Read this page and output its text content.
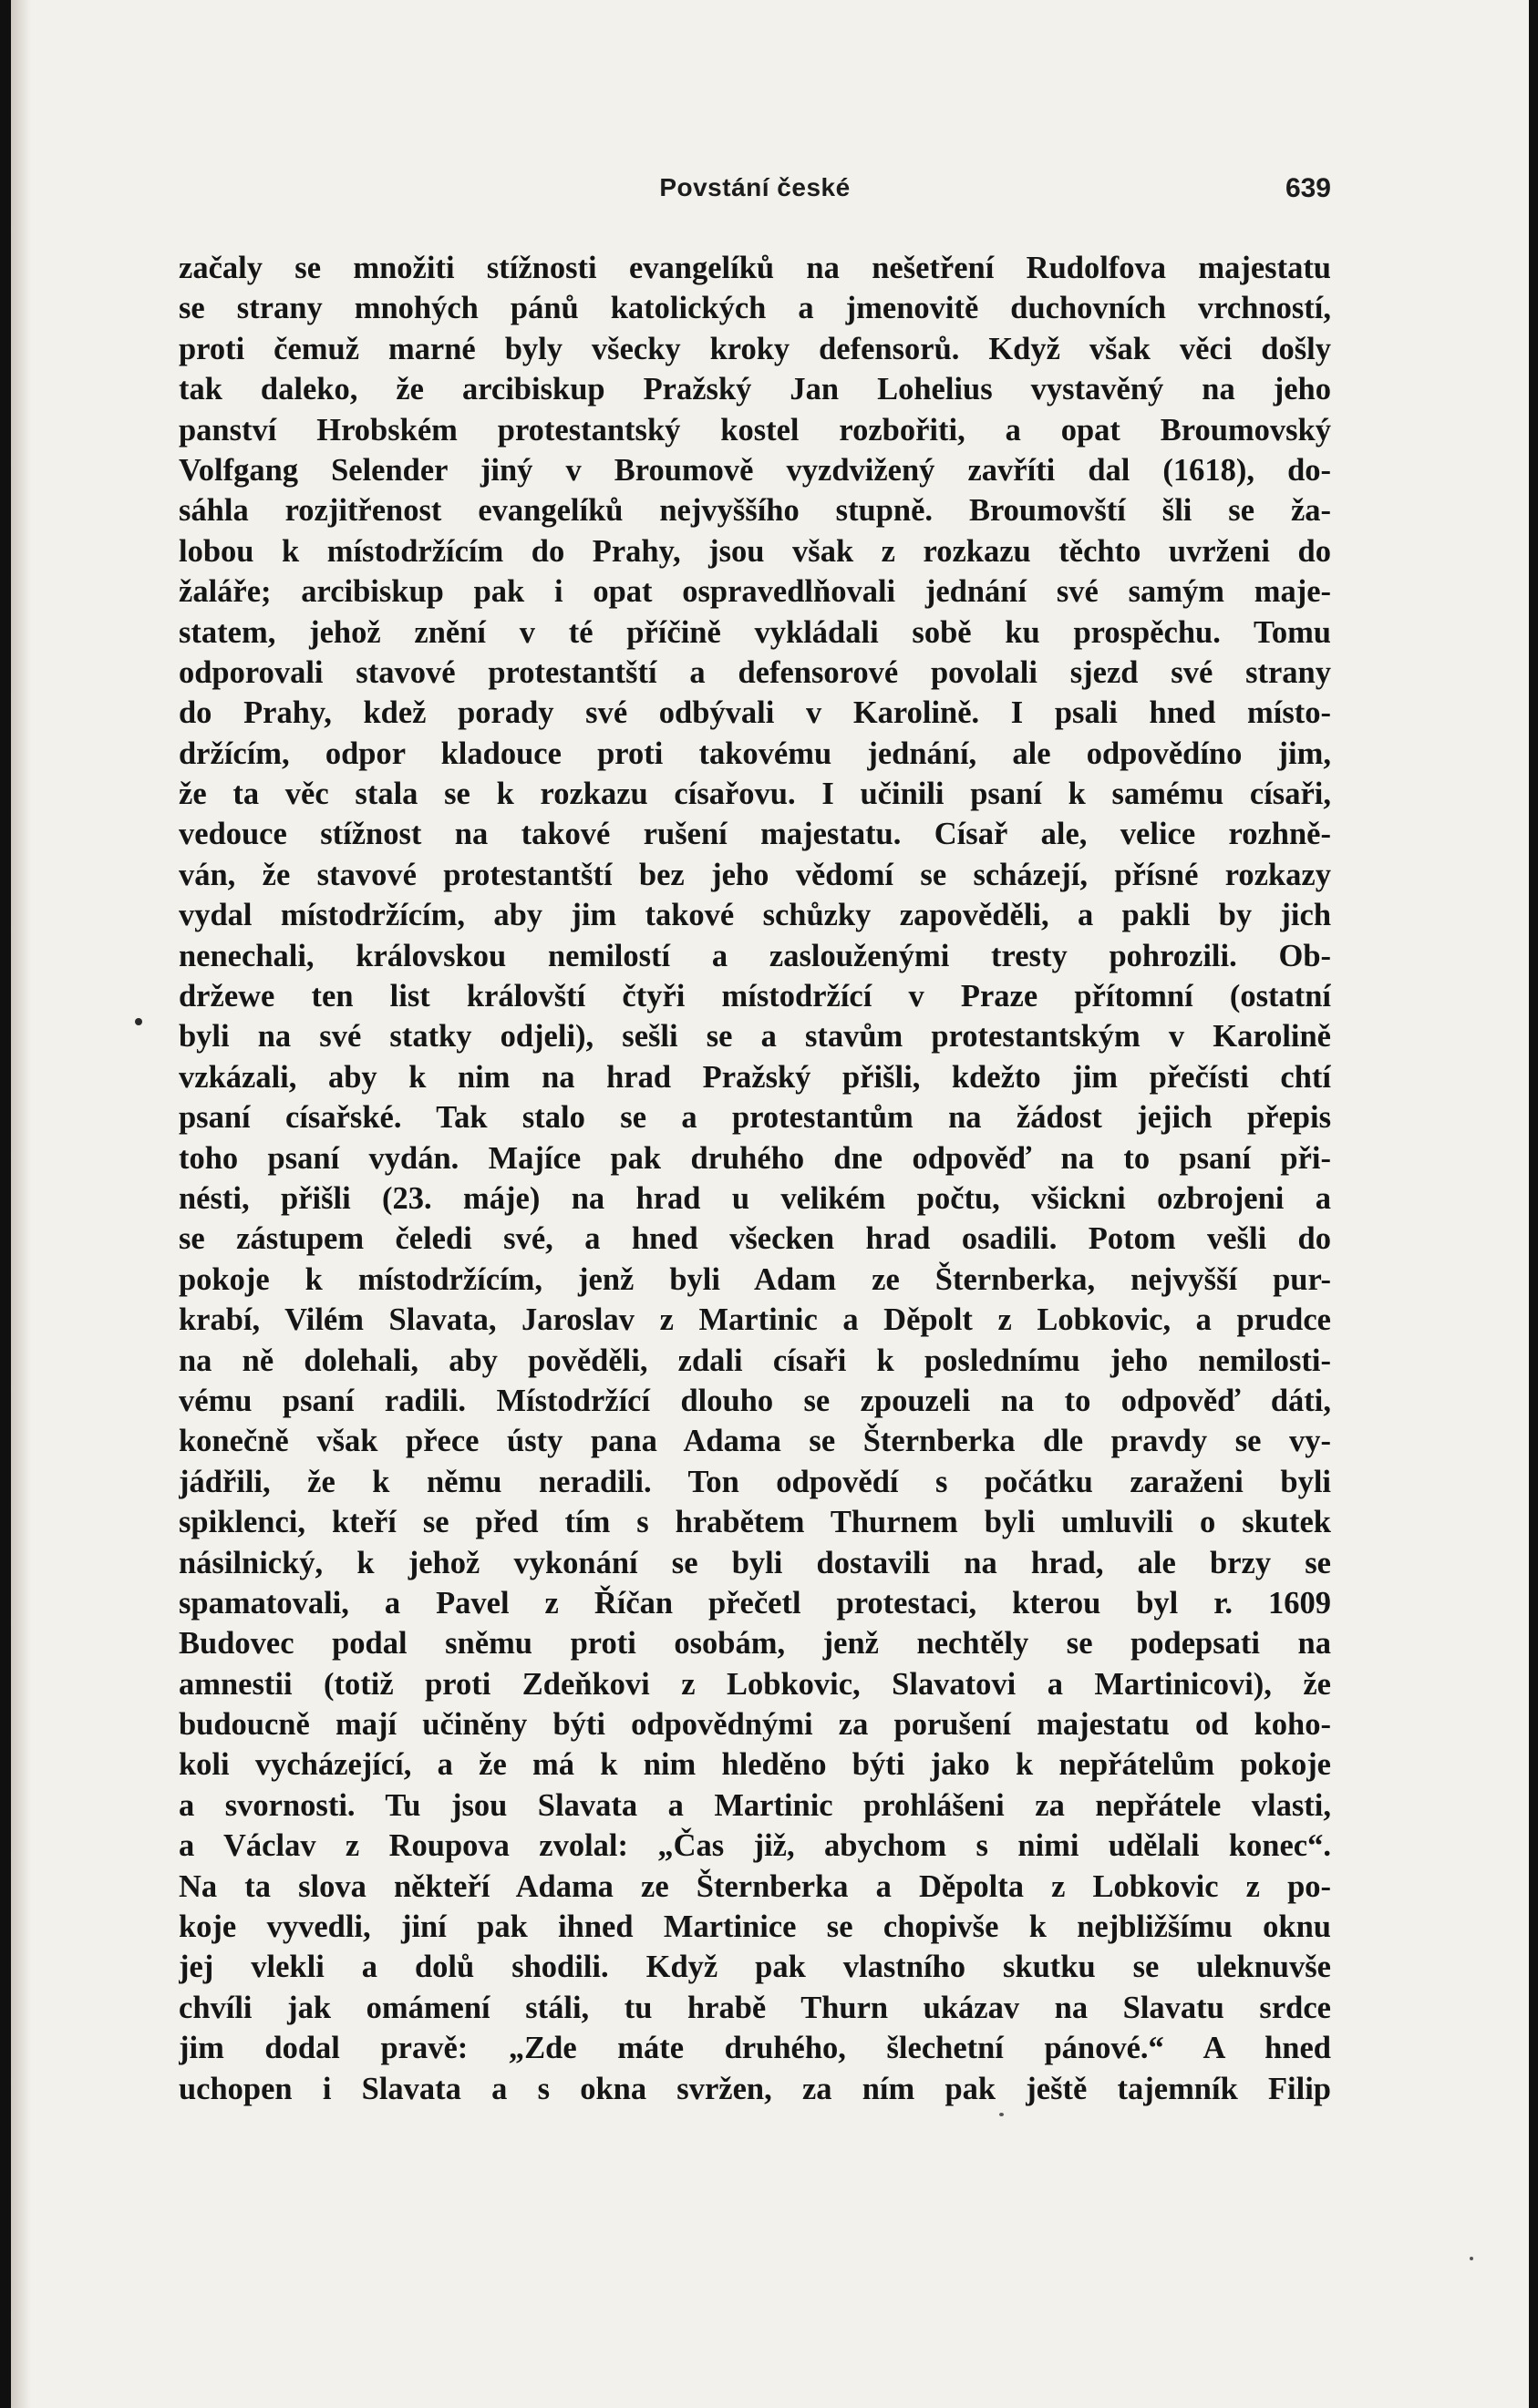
Povstání české	639
začaly se množiti stížnosti evangelíků na nešetření Rudolfova majestatu
se strany mnohých pánů katolických a jmenovitě duchovních vrchností,
proti čemuž marné byly všecky kroky defensorů. Když však věci došly
tak daleko, že arcibiskup Pražský Jan Lohelius vystavěný na jeho
panství Hrobském protestantský kostel rozbořiti, a opat Broumovský
Volfgang Selender jiný v Broumově vyzdvižený zavříti dal (1618), do-
sáhla rozjitřenost evangelíků nejvyššího stupně. Broumovští šli se ža-
lobou k místodržícím do Prahy, jsou však z rozkazu těchto uvrženi do
žaláře; arcibiskup pak i opat ospravedlňovali jednání své samým maje-
statem, jehož znění v té příčině vykládali sobě ku prospěchu. Tomu
odporovali stavové protestantští a defensorové povolali sjezd své strany
do Prahy, kdež porady své odbývali v Karolině. I psali hned místo-
držícím, odpor kladouce proti takovému jednání, ale odpovědíno jim,
že ta věc stala se k rozkazu císařovu. I učinili psaní k samému císaři,
vedouce stížnost na takové rušení majestatu. Císař ale, velice rozhně-
ván, že stavové protestantští bez jeho vědomí se scházejí, přísné rozkazy
vydal místodržícím, aby jim takové schůzky zapověděli, a pakli by jich
nenechali, královskou nemilostí a zaslouženými tresty pohrozili. Ob-
držewe ten list královští čtyři místodržící v Praze přítomní (ostatní
byli na své statky odjeli), sešli se a stavům protestantským v Karolině
vzkázali, aby k nim na hrad Pražský přišli, kdežto jim přečísti chtí
psaní císařské. Tak stalo se a protestantům na žádost jejich přepis
toho psaní vydán. Majíce pak druhého dne odpověď na to psaní při-
nésti, přišli (23. máje) na hrad u velikém počtu, všickni ozbrojeni a
se zástupem čeledi své, a hned všecken hrad osadili. Potom vešli do
pokoje k místodržícím, jenž byli Adam ze Šternberka, nejvyšší pur-
krabí, Vilém Slavata, Jaroslav z Martinic a Děpolt z Lobkovic, a prudce
na ně dolehali, aby pověděli, zdali císaři k poslednímu jeho nemilosti-
vému psaní radili. Místodržící dlouho se zpouzeli na to odpověď dáti,
konečně však přece ústy pana Adama se Šternberka dle pravdy se vy-
jádřili, že k němu neradili. Ton odpovědí s počátku zaraženi byli
spiklenci, kteří se před tím s hrabětem Thurnem byli umluvili o skutek
násilnický, k jehož vykonání se byli dostavili na hrad, ale brzy se
spamatovali, a Pavel z Říčan přečetl protestaci, kterou byl r. 1609
Budovec podal sněmu proti osobám, jenž nechtěly se podepsati na
amnestii (totiž proti Zdeňkovi z Lobkovic, Slavatovi a Martinicovi), že
budoucně mají učiněny býti odpovědnými za porušení majestatu od koho-
koli vycházející, a že má k nim hleděno býti jako k nepřátelům pokoje
a svornosti. Tu jsou Slavata a Martinic prohlášeni za nepřátele vlasti,
a Václav z Roupova zvolal: „Čas již, abychom s nimi udělali konec“.
Na ta slova někteří Adama ze Šternberka a Děpolta z Lobkovic z po-
koje vyvedli, jiní pak ihned Martinice se chopivše k nejbližšímu oknu
jej vlekli a dolů shodili. Když pak vlastního skutku se uleknuvše
chvíli jak omámení stáli, tu hrabě Thurn ukázav na Slavatu srdce
jim dodal pravě: „Zde máte druhého, šlechetní pánové.“ A hned
uchopen i Slavata a s okna svržen, za ním pak ještě tajemník Filip
